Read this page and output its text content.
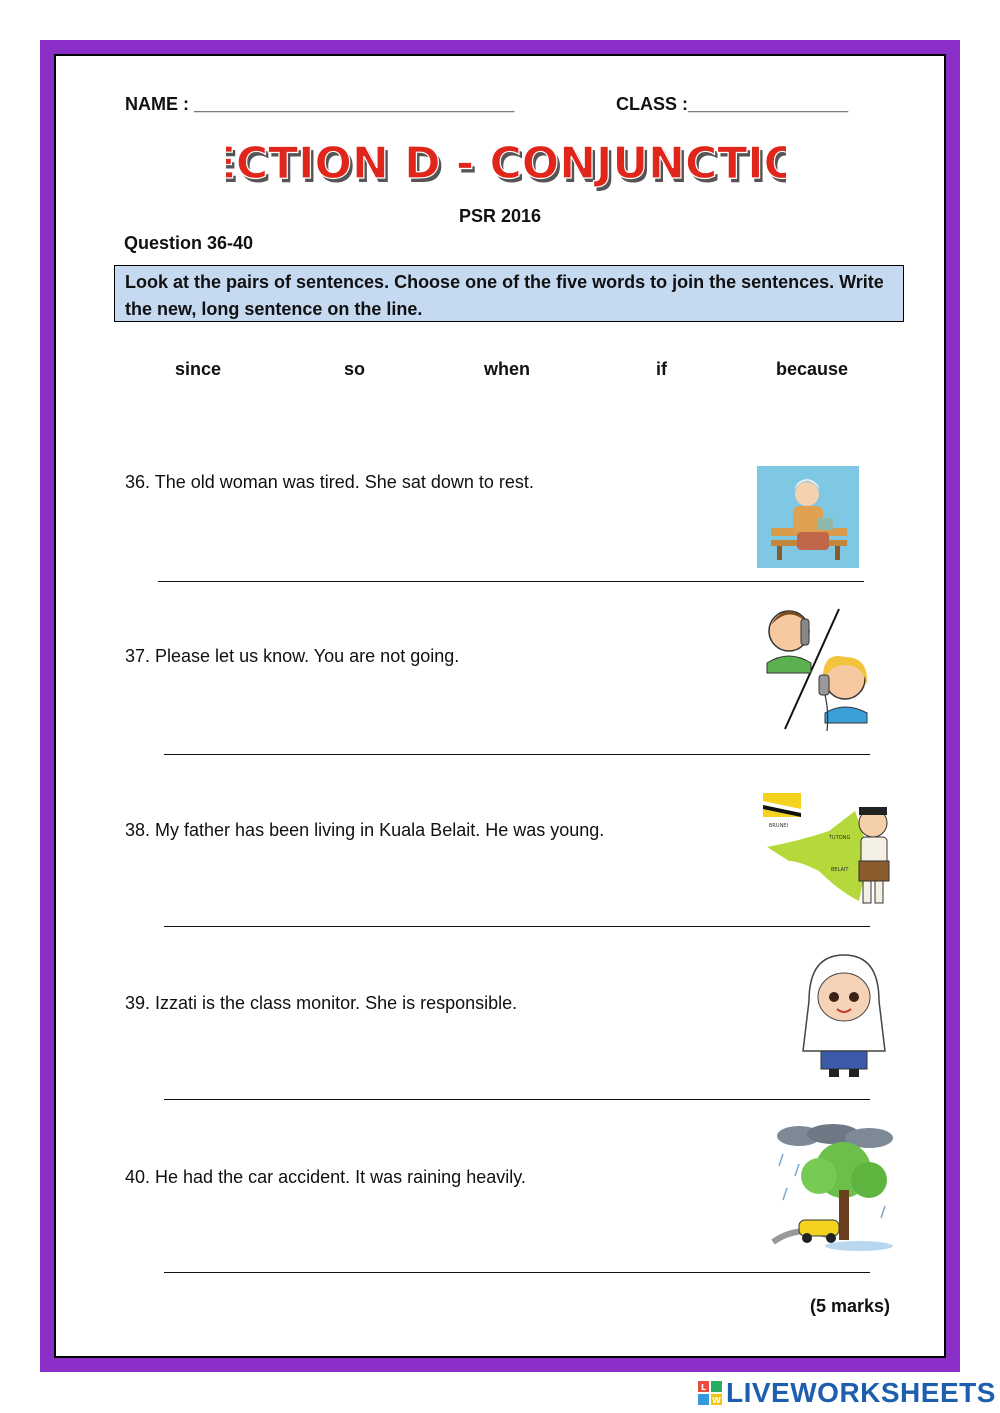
NAME : ________________________________	CLASS :________________
CTION D - CONJUNCTIO
CTION D - CONJUNCTIO
PSR 2016
Question 36-40
Look at the pairs of sentences. Choose one of the five words to join the sentences. Write the new, long sentence on the line.
since	so	when	if	because
36. The old woman was tired. She sat down to rest.
37. Please let us know. You are not going.
38. My father has been living in Kuala Belait. He was young.	BRUNEI
TUTONG
BELAIT
39. Izzati is the class monitor. She is responsible.
40. He had the car accident. It was raining heavily.
(5 marks)
L
W LIVEWORKSHEETS
